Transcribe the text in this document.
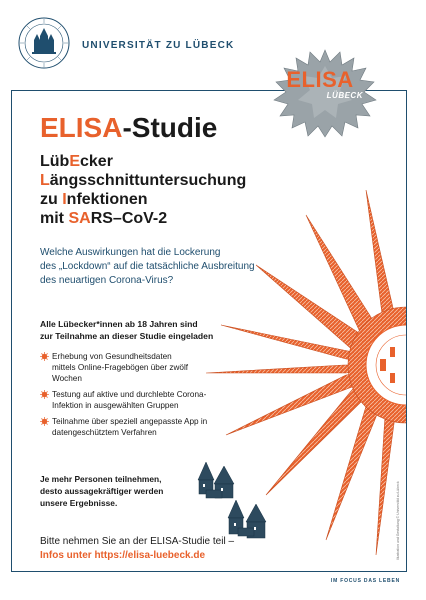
UNIVERSITÄT ZU LÜBECK
ELISA
LÜBECK
ELISA-Studie
LübEcker
Längsschnittuntersuchung
zu Infektionen
mit SARS–CoV-2
Welche Auswirkungen hat die Lockerung
des „Lockdown“ auf die tatsächliche Ausbreitung
des neuartigen Corona-Virus?
Alle Lübecker*innen ab 18 Jahren sind
zur Teilnahme an dieser Studie eingeladen
Erhebung von Gesundheitsdaten
mittels Online-Fragebögen über zwölf
Wochen
Testung auf aktive und durchlebte Corona-
Infektion in ausgewählten Gruppen
Teilnahme über speziell angepasste App in
datengeschütztem Verfahren
Je mehr Personen teilnehmen,
desto aussagekräftiger werden
unsere Ergebnisse.
Bitte nehmen Sie an der ELISA-Studie teil –
Infos unter https://elisa-luebeck.de	Illustration und Gestaltung © Universität zu Lübeck
IM FOCUS DAS LEBEN
